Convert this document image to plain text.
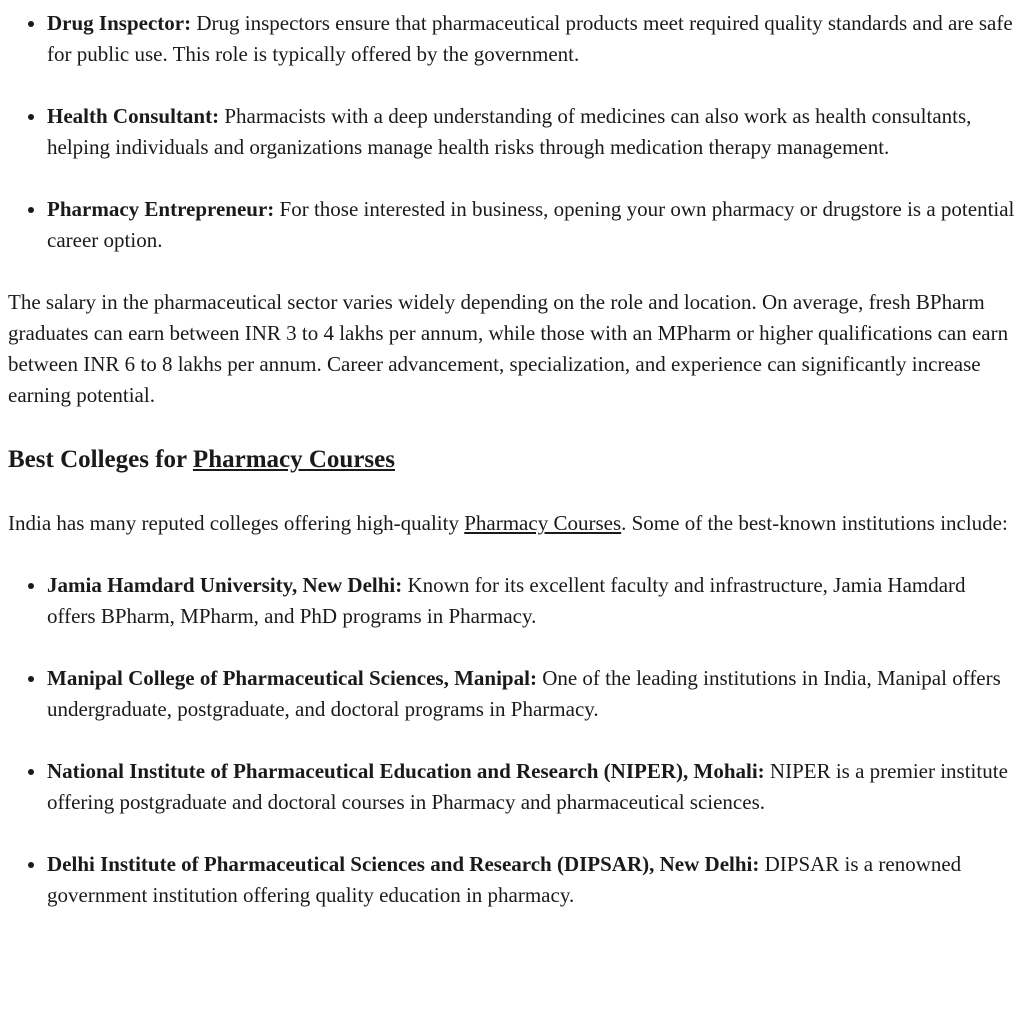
• Drug Inspector: Drug inspectors ensure that pharmaceutical products meet required quality standards and are safe for public use. This role is typically offered by the government.
• Health Consultant: Pharmacists with a deep understanding of medicines can also work as health consultants, helping individuals and organizations manage health risks through medication therapy management.
• Pharmacy Entrepreneur: For those interested in business, opening your own pharmacy or drugstore is a potential career option.

The salary in the pharmaceutical sector varies widely depending on the role and location. On average, fresh BPharm graduates can earn between INR 3 to 4 lakhs per annum, while those with an MPharm or higher qualifications can earn between INR 6 to 8 lakhs per annum. Career advancement, specialization, and experience can significantly increase earning potential.

Best Colleges for Pharmacy Courses

India has many reputed colleges offering high-quality Pharmacy Courses. Some of the best-known institutions include:

• Jamia Hamdard University, New Delhi: Known for its excellent faculty and infrastructure, Jamia Hamdard offers BPharm, MPharm, and PhD programs in Pharmacy.
• Manipal College of Pharmaceutical Sciences, Manipal: One of the leading institutions in India, Manipal offers undergraduate, postgraduate, and doctoral programs in Pharmacy.
• National Institute of Pharmaceutical Education and Research (NIPER), Mohali: NIPER is a premier institute offering postgraduate and doctoral courses in Pharmacy and pharmaceutical sciences.
• Delhi Institute of Pharmaceutical Sciences and Research (DIPSAR), New Delhi: DIPSAR is a renowned government institution offering quality education in pharmacy.
